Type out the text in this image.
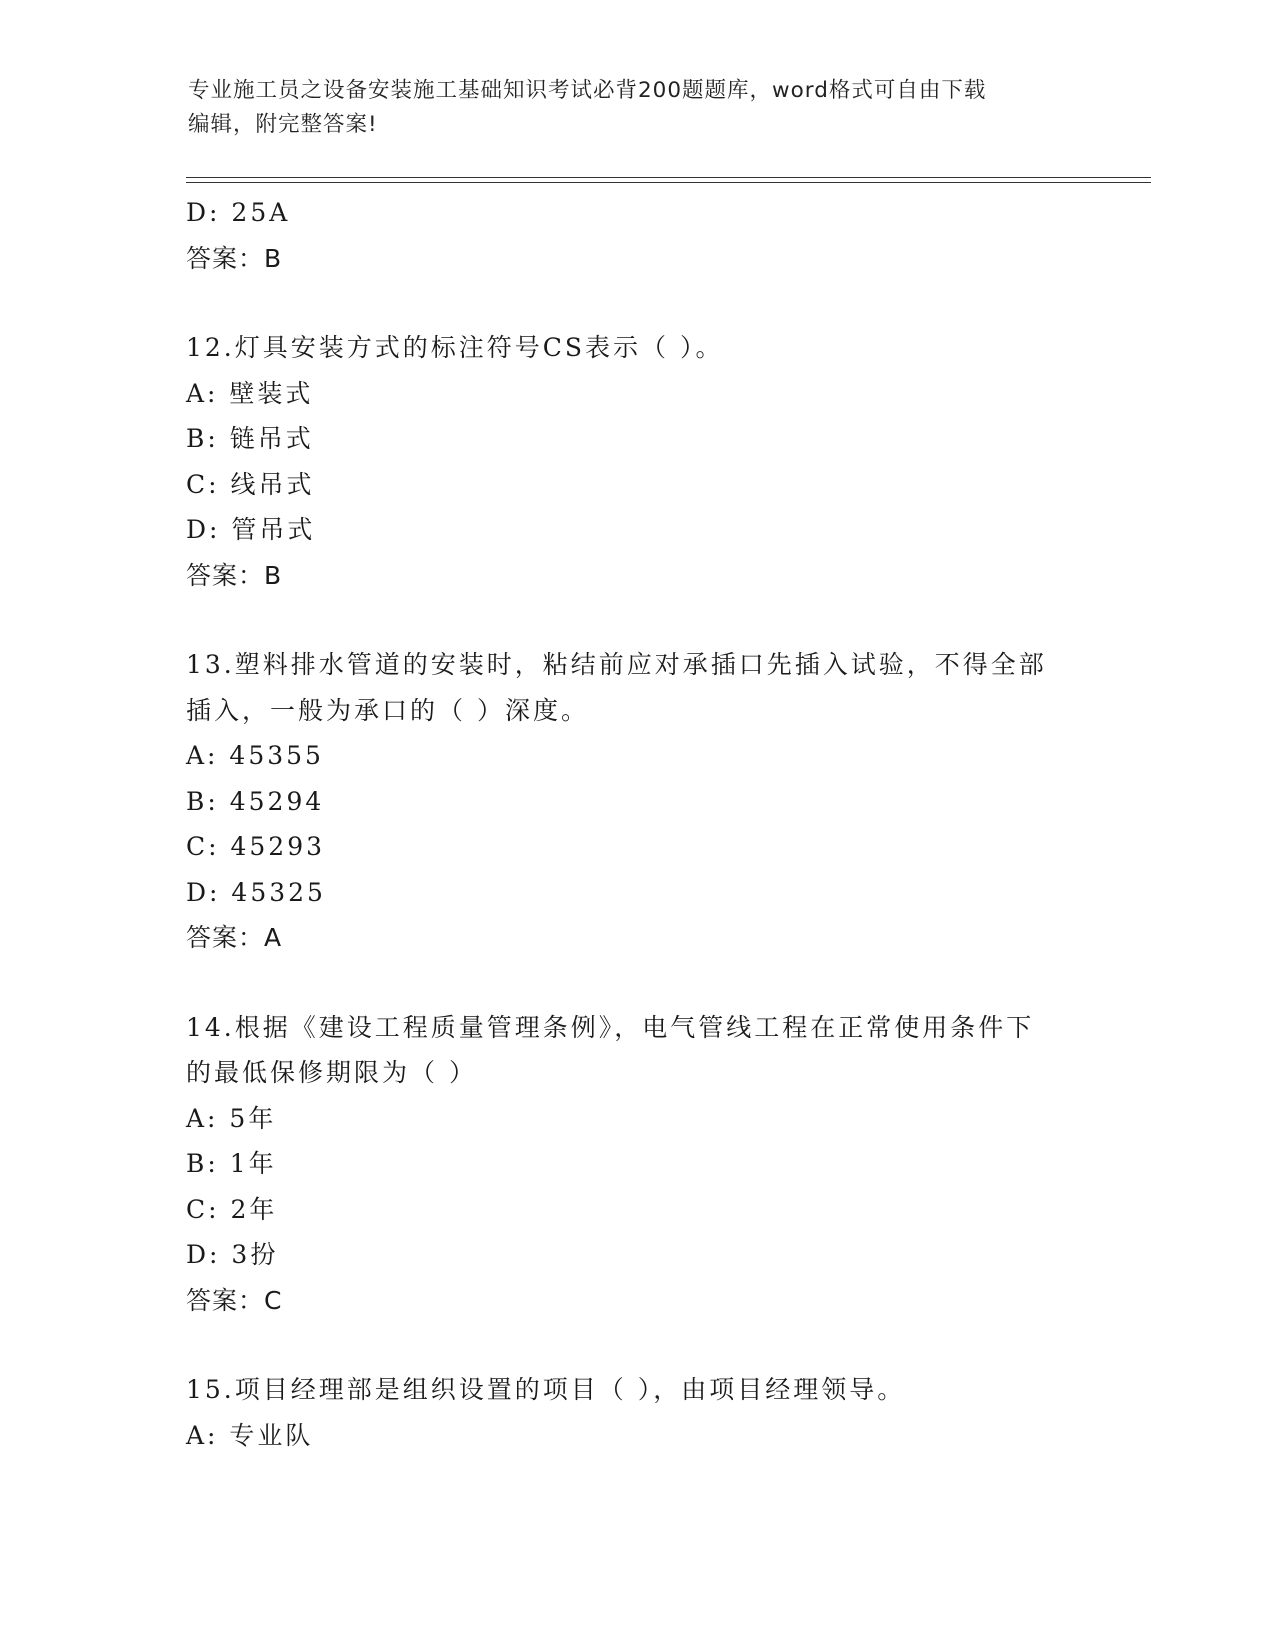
专业施工员之设备安装施工基础知识考试必背200题题库，word格式可自由下载
编辑，附完整答案!
D: 25A
答案：B
12.灯具安装方式的标注符号CS表示（ ）。
A: 壁装式
B: 链吊式
C: 线吊式
D: 管吊式
答案：B
13.塑料排水管道的安装时，粘结前应对承插口先插入试验，不得全部
插入，一般为承口的（ ）深度。
A: 45355
B: 45294
C: 45293
D: 45325
答案：A
14.根据《建设工程质量管理条例》，电气管线工程在正常使用条件下
的最低保修期限为（ ）
A: 5年
B: 1年
C: 2年
D: 3扮
答案：C
15.项目经理部是组织设置的项目（ ），由项目经理领导。
A: 专业队
